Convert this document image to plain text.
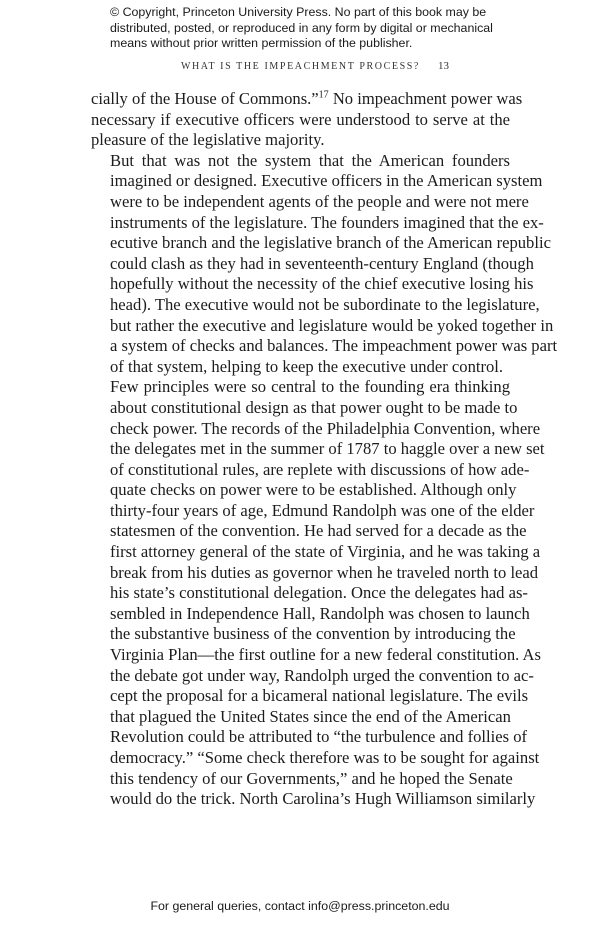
© Copyright, Princeton University Press. No part of this book may be
distributed, posted, or reproduced in any form by digital or mechanical
means without prior written permission of the publisher.
WHAT IS THE IMPEACHMENT PROCESS? 13

cially of the House of Commons.”$^{17}$ No impeachment power was
necessary if executive officers were understood to serve at the
pleasure of the legislative majority.

But that was not the system that the American founders
imagined or designed. Executive officers in the American system
were to be independent agents of the people and were not mere
instruments of the legislature. The founders imagined that the ex-
ecutive branch and the legislative branch of the American republic
could clash as they had in seventeenth-century England (though
hopefully without the necessity of the chief executive losing his
head). The executive would not be subordinate to the legislature,
but rather the executive and legislature would be yoked together in
a system of checks and balances. The impeachment power was part
of that system, helping to keep the executive under control.

Few principles were so central to the founding era thinking
about constitutional design as that power ought to be made to
check power. The records of the Philadelphia Convention, where
the delegates met in the summer of 1787 to haggle over a new set
of constitutional rules, are replete with discussions of how ade-
quate checks on power were to be established. Although only
thirty-four years of age, Edmund Randolph was one of the elder
statesmen of the convention. He had served for a decade as the
first attorney general of the state of Virginia, and he was taking a
break from his duties as governor when he traveled north to lead
his state’s constitutional delegation. Once the delegates had as-
sembled in Independence Hall, Randolph was chosen to launch
the substantive business of the convention by introducing the
Virginia Plan—the first outline for a new federal constitution. As
the debate got under way, Randolph urged the convention to ac-
cept the proposal for a bicameral national legislature. The evils
that plagued the United States since the end of the American
Revolution could be attributed to “the turbulence and follies of
democracy.” “Some check therefore was to be sought for against
this tendency of our Governments,” and he hoped the Senate
would do the trick. North Carolina’s Hugh Williamson similarly

For general queries, contact info@press.princeton.edu
